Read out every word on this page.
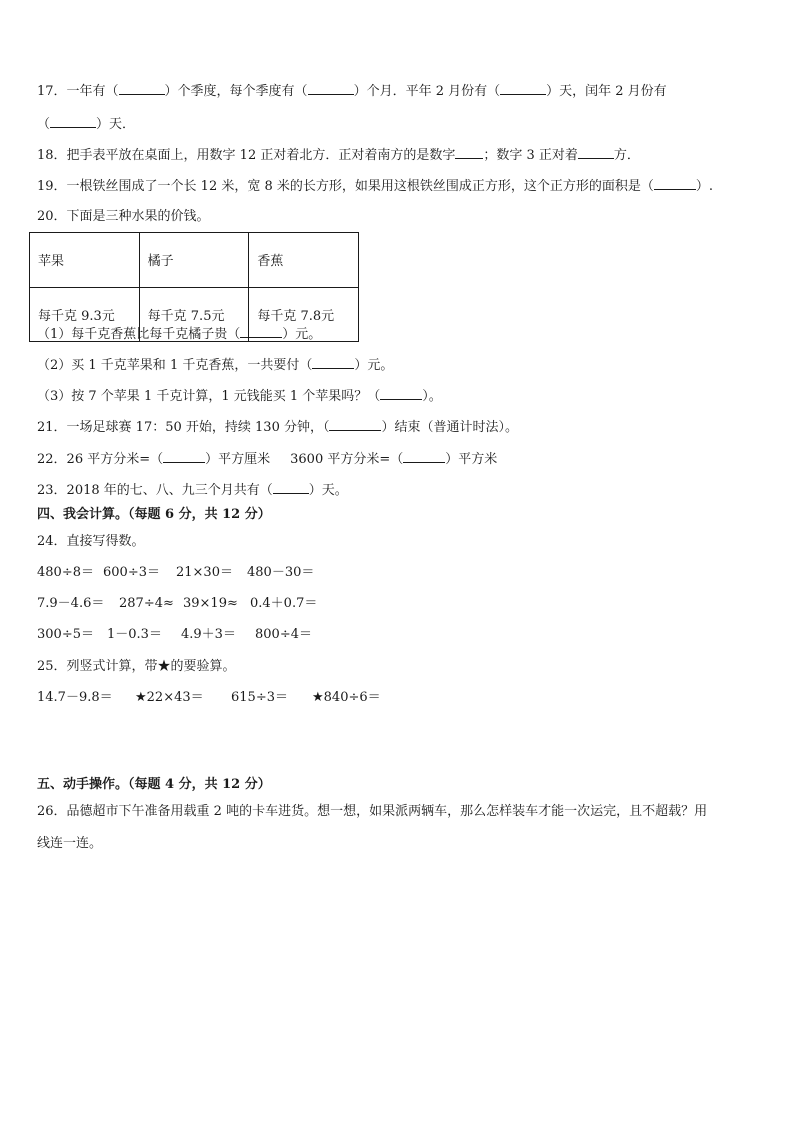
17．一年有（	）个季度，每个季度有（	）个月．平年 2 月份有（	）天，闰年 2 月份有
（	）天．
18．把手表平放在桌面上，用数字 12 正对着北方．正对着南方的是数字 ；数字 3 正对着	方．
19．一根铁丝围成了一个长 12 米，宽 8 米的长方形，如果用这根铁丝围成正方形，这个正方形的面积是（	）.
20．下面是三种水果的价钱。
苹果	橘子	香蕉
每千克 9.3元	每千克 7.5元	每千克 7.8元
（1）每千克香蕉比每千克橘子贵（	）元。
（2）买 1 千克苹果和 1 千克香蕉，一共要付（	）元。
（3）按 7 个苹果 1 千克计算，1 元钱能买 1 个苹果吗？（	）。
21．一场足球赛 17：50 开始，持续 130 分钟，（	）结束（普通计时法）。
22．26 平方分米=（	）平方厘米 3600 平方分米=（	）平方米
23．2018 年的七、八、九三个月共有（	）天。
四、我会计算。（每题 6 分，共 12 分）
24．直接写得数。
480÷8＝ 600÷3＝ 21×30＝ 480－30＝
7.9－4.6＝ 287÷4≈ 39×19≈ 0.4＋0.7＝
300÷5＝ 1－0.3＝ 4.9＋3＝ 800÷4＝
25．列竖式计算，带★的要验算。
14.7－9.8＝ ★22×43＝ 615÷3＝ ★840÷6＝
五、动手操作。（每题 4 分，共 12 分）
26．品德超市下午准备用载重 2 吨的卡车进货。想一想，如果派两辆车，那么怎样装车才能一次运完，且不超载？用
线连一连。
